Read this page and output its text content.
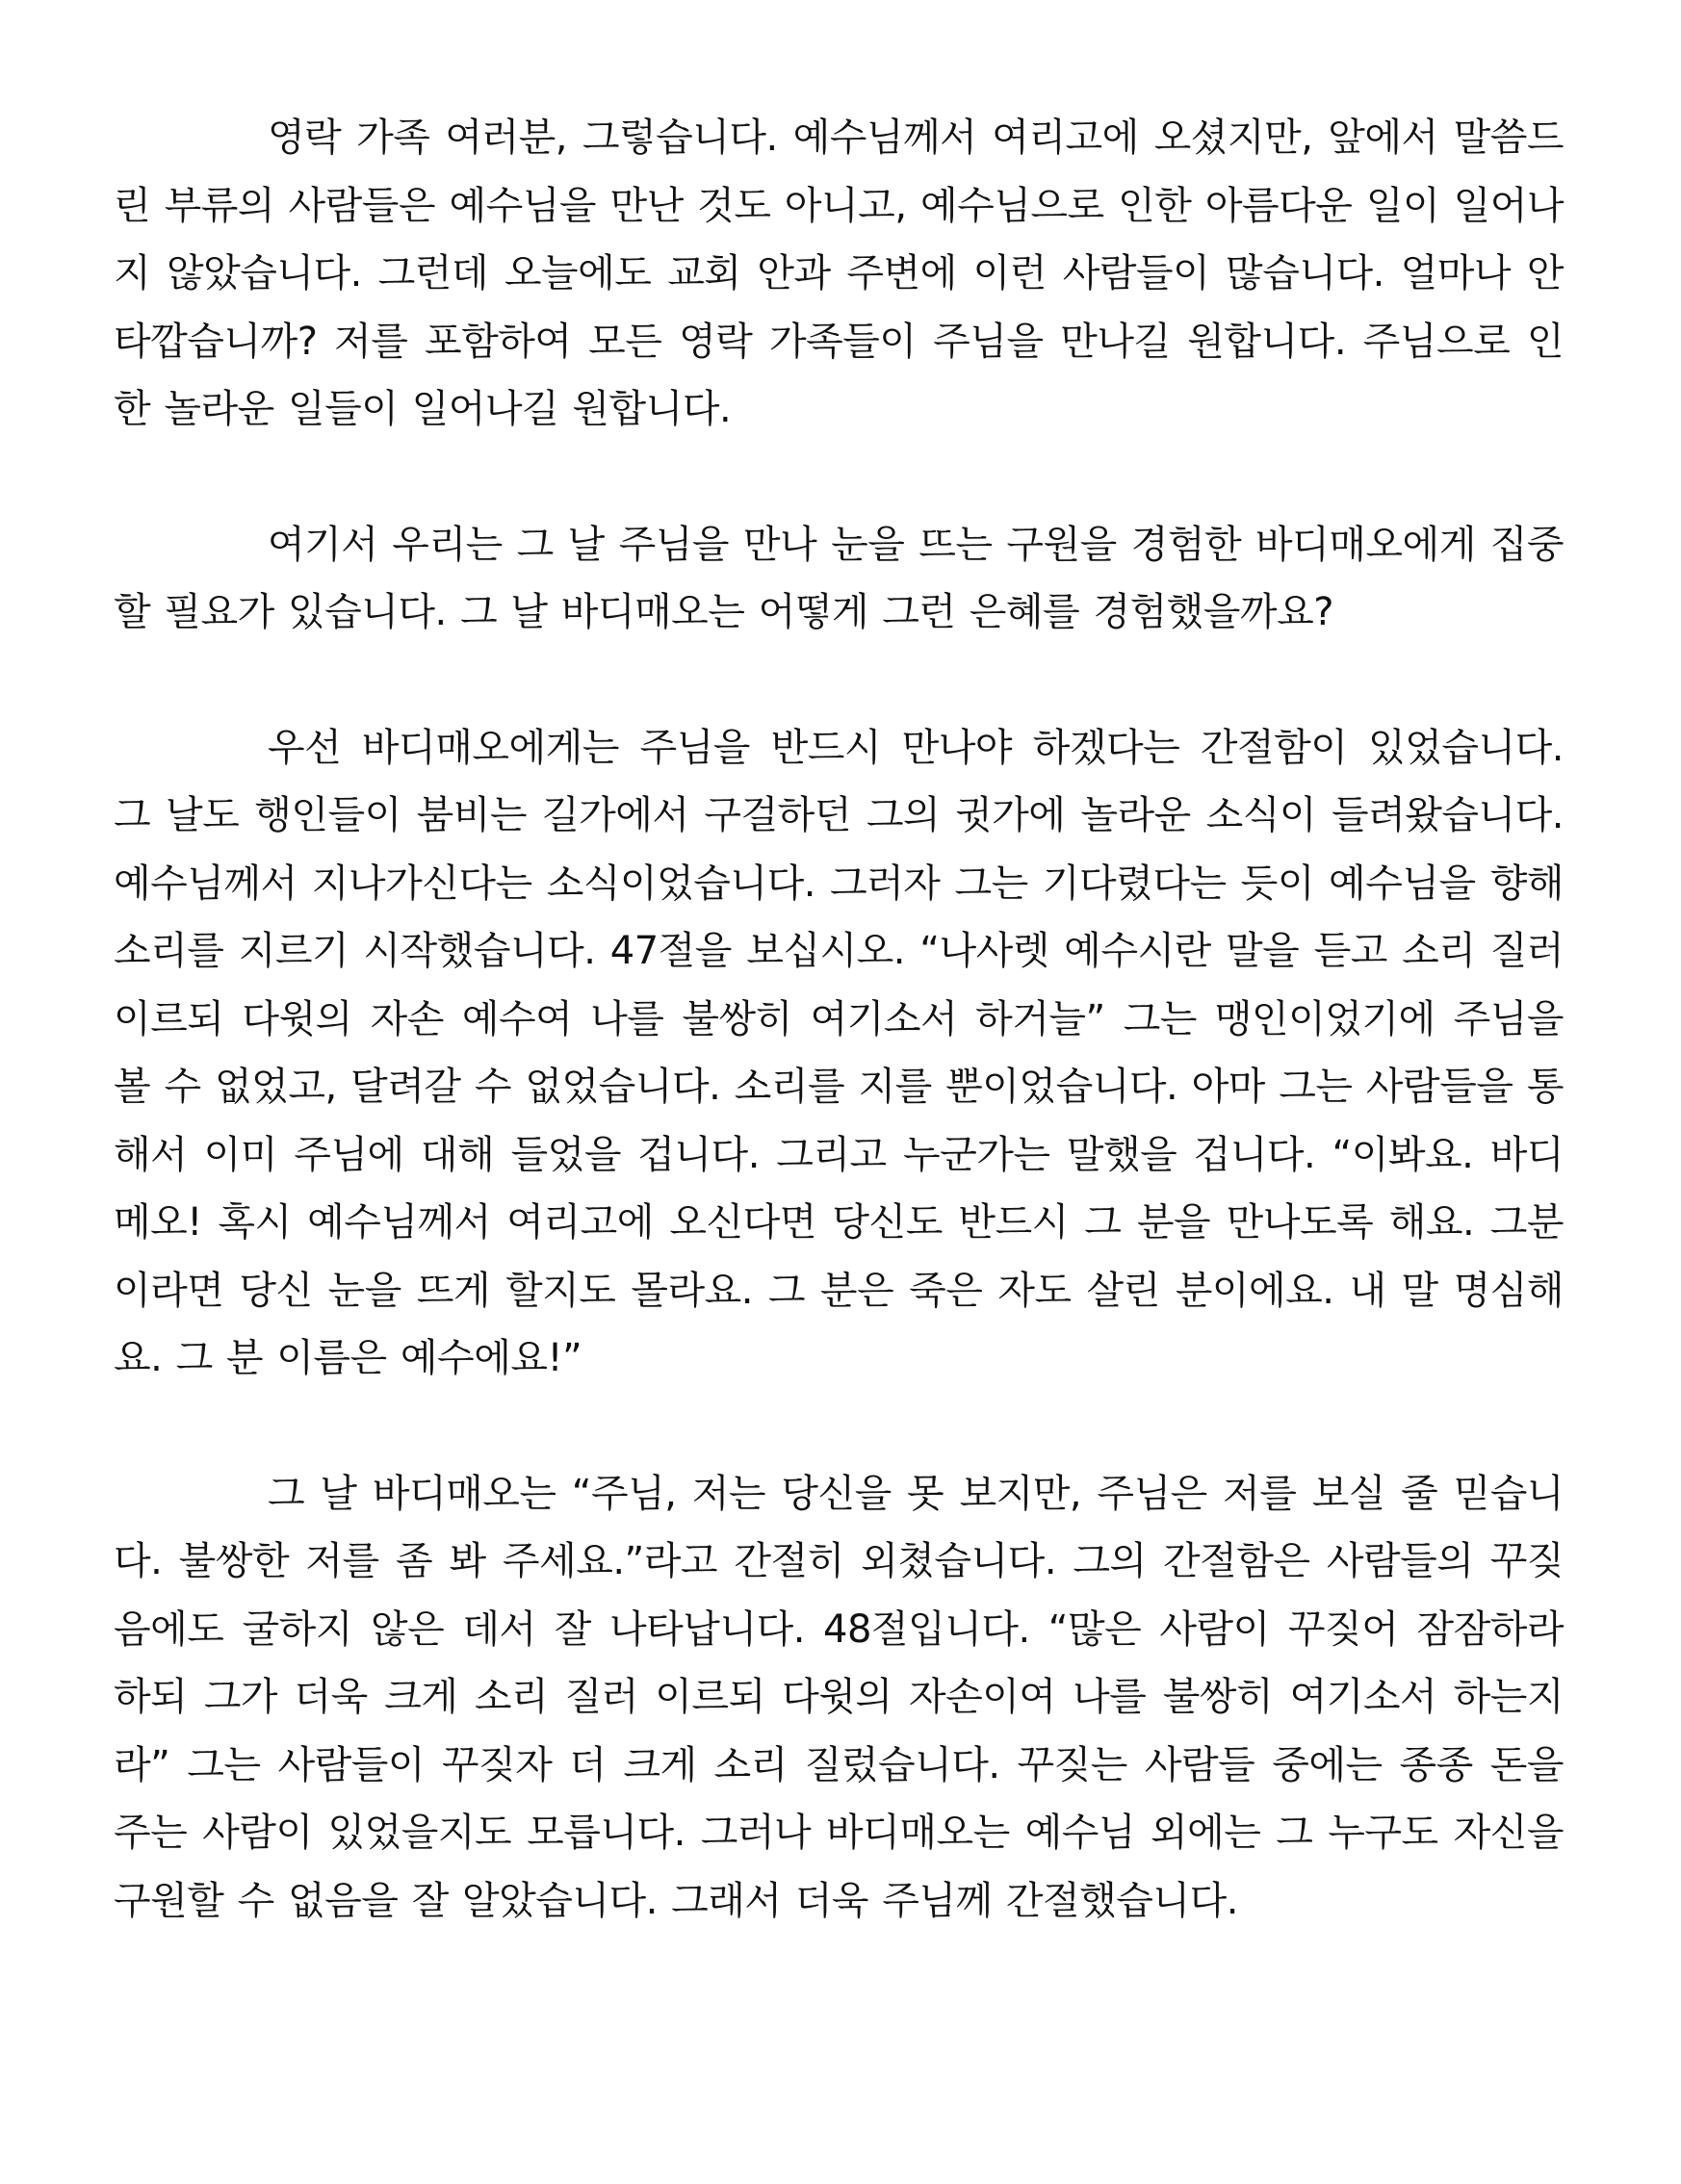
영락 가족 여러분, 그렇습니다. 예수님께서 여리고에 오셨지만, 앞에서 말씀드린 부류의 사람들은 예수님을 만난 것도 아니고, 예수님으로 인한 아름다운 일이 일어나지 않았습니다. 그런데 오늘에도 교회 안과 주변에 이런 사람들이 많습니다. 얼마나 안타깝습니까? 저를 포함하여 모든 영락 가족들이 주님을 만나길 원합니다. 주님으로 인한 놀라운 일들이 일어나길 원합니다.

여기서 우리는 그 날 주님을 만나 눈을 뜨는 구원을 경험한 바디매오에게 집중할 필요가 있습니다. 그 날 바디매오는 어떻게 그런 은혜를 경험했을까요?

우선 바디매오에게는 주님을 반드시 만나야 하겠다는 간절함이 있었습니다. 그 날도 행인들이 붐비는 길가에서 구걸하던 그의 귓가에 놀라운 소식이 들려왔습니다. 예수님께서 지나가신다는 소식이었습니다. 그러자 그는 기다렸다는 듯이 예수님을 향해 소리를 지르기 시작했습니다. 47절을 보십시오. “나사렛 예수시란 말을 듣고 소리 질러 이르되 다윗의 자손 예수여 나를 불쌍히 여기소서 하거늘” 그는 맹인이었기에 주님을 볼 수 없었고, 달려갈 수 없었습니다. 소리를 지를 뿐이었습니다. 아마 그는 사람들을 통해서 이미 주님에 대해 들었을 겁니다. 그리고 누군가는 말했을 겁니다. “이봐요. 바디메오! 혹시 예수님께서 여리고에 오신다면 당신도 반드시 그 분을 만나도록 해요. 그분이라면 당신 눈을 뜨게 할지도 몰라요. 그 분은 죽은 자도 살린 분이에요. 내 말 명심해요. 그 분 이름은 예수에요!”

그 날 바디매오는 “주님, 저는 당신을 못 보지만, 주님은 저를 보실 줄 믿습니다. 불쌍한 저를 좀 봐 주세요.”라고 간절히 외쳤습니다. 그의 간절함은 사람들의 꾸짖음에도 굴하지 않은 데서 잘 나타납니다. 48절입니다. “많은 사람이 꾸짖어 잠잠하라 하되 그가 더욱 크게 소리 질러 이르되 다윗의 자손이여 나를 불쌍히 여기소서 하는지라” 그는 사람들이 꾸짖자 더 크게 소리 질렀습니다. 꾸짖는 사람들 중에는 종종 돈을 주는 사람이 있었을지도 모릅니다. 그러나 바디매오는 예수님 외에는 그 누구도 자신을 구원할 수 없음을 잘 알았습니다. 그래서 더욱 주님께 간절했습니다.
